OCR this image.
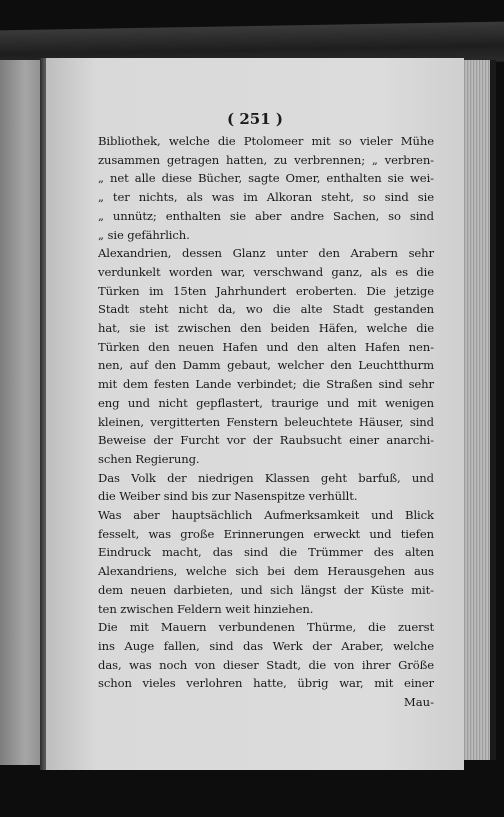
( 251 )
Bibliothek, welche die Ptolomeer mit so vieler Mühe
zusammen getragen hatten, zu verbrennen; „ verbren-
„ net alle diese Bücher, sagte Omer, enthalten sie wei-
„ ter nichts, als was im Alkoran steht, so sind sie
„ unnütz; enthalten sie aber andre Sachen, so sind
„ sie gefährlich.
Alexandrien, dessen Glanz unter den Arabern sehr
verdunkelt worden war, verschwand ganz, als es die
Türken im 15ten Jahrhundert eroberten. Die jetzige
Stadt steht nicht da, wo die alte Stadt gestanden
hat, sie ist zwischen den beiden Häfen, welche die
Türken den neuen Hafen und den alten Hafen nen-
nen, auf den Damm gebaut, welcher den Leuchtthurm
mit dem festen Lande verbindet; die Straßen sind sehr
eng und nicht gepflastert, traurige und mit wenigen
kleinen, vergitterten Fenstern beleuchtete Häuser, sind
Beweise der Furcht vor der Raubsucht einer anarchi-
schen Regierung.
Das Volk der niedrigen Klassen geht barfuß, und
die Weiber sind bis zur Nasenspitze verhüllt.
Was aber hauptsächlich Aufmerksamkeit und Blick
fesselt, was große Erinnerungen erweckt und tiefen
Eindruck macht, das sind die Trümmer des alten
Alexandriens, welche sich bei dem Herausgehen aus
dem neuen darbieten, und sich längst der Küste mit-
ten zwischen Feldern weit hinziehen.
Die mit Mauern verbundenen Thürme, die zuerst
ins Auge fallen, sind das Werk der Araber, welche
das, was noch von dieser Stadt, die von ihrer Größe
schon vieles verlohren hatte, übrig war, mit einer
Mau-
